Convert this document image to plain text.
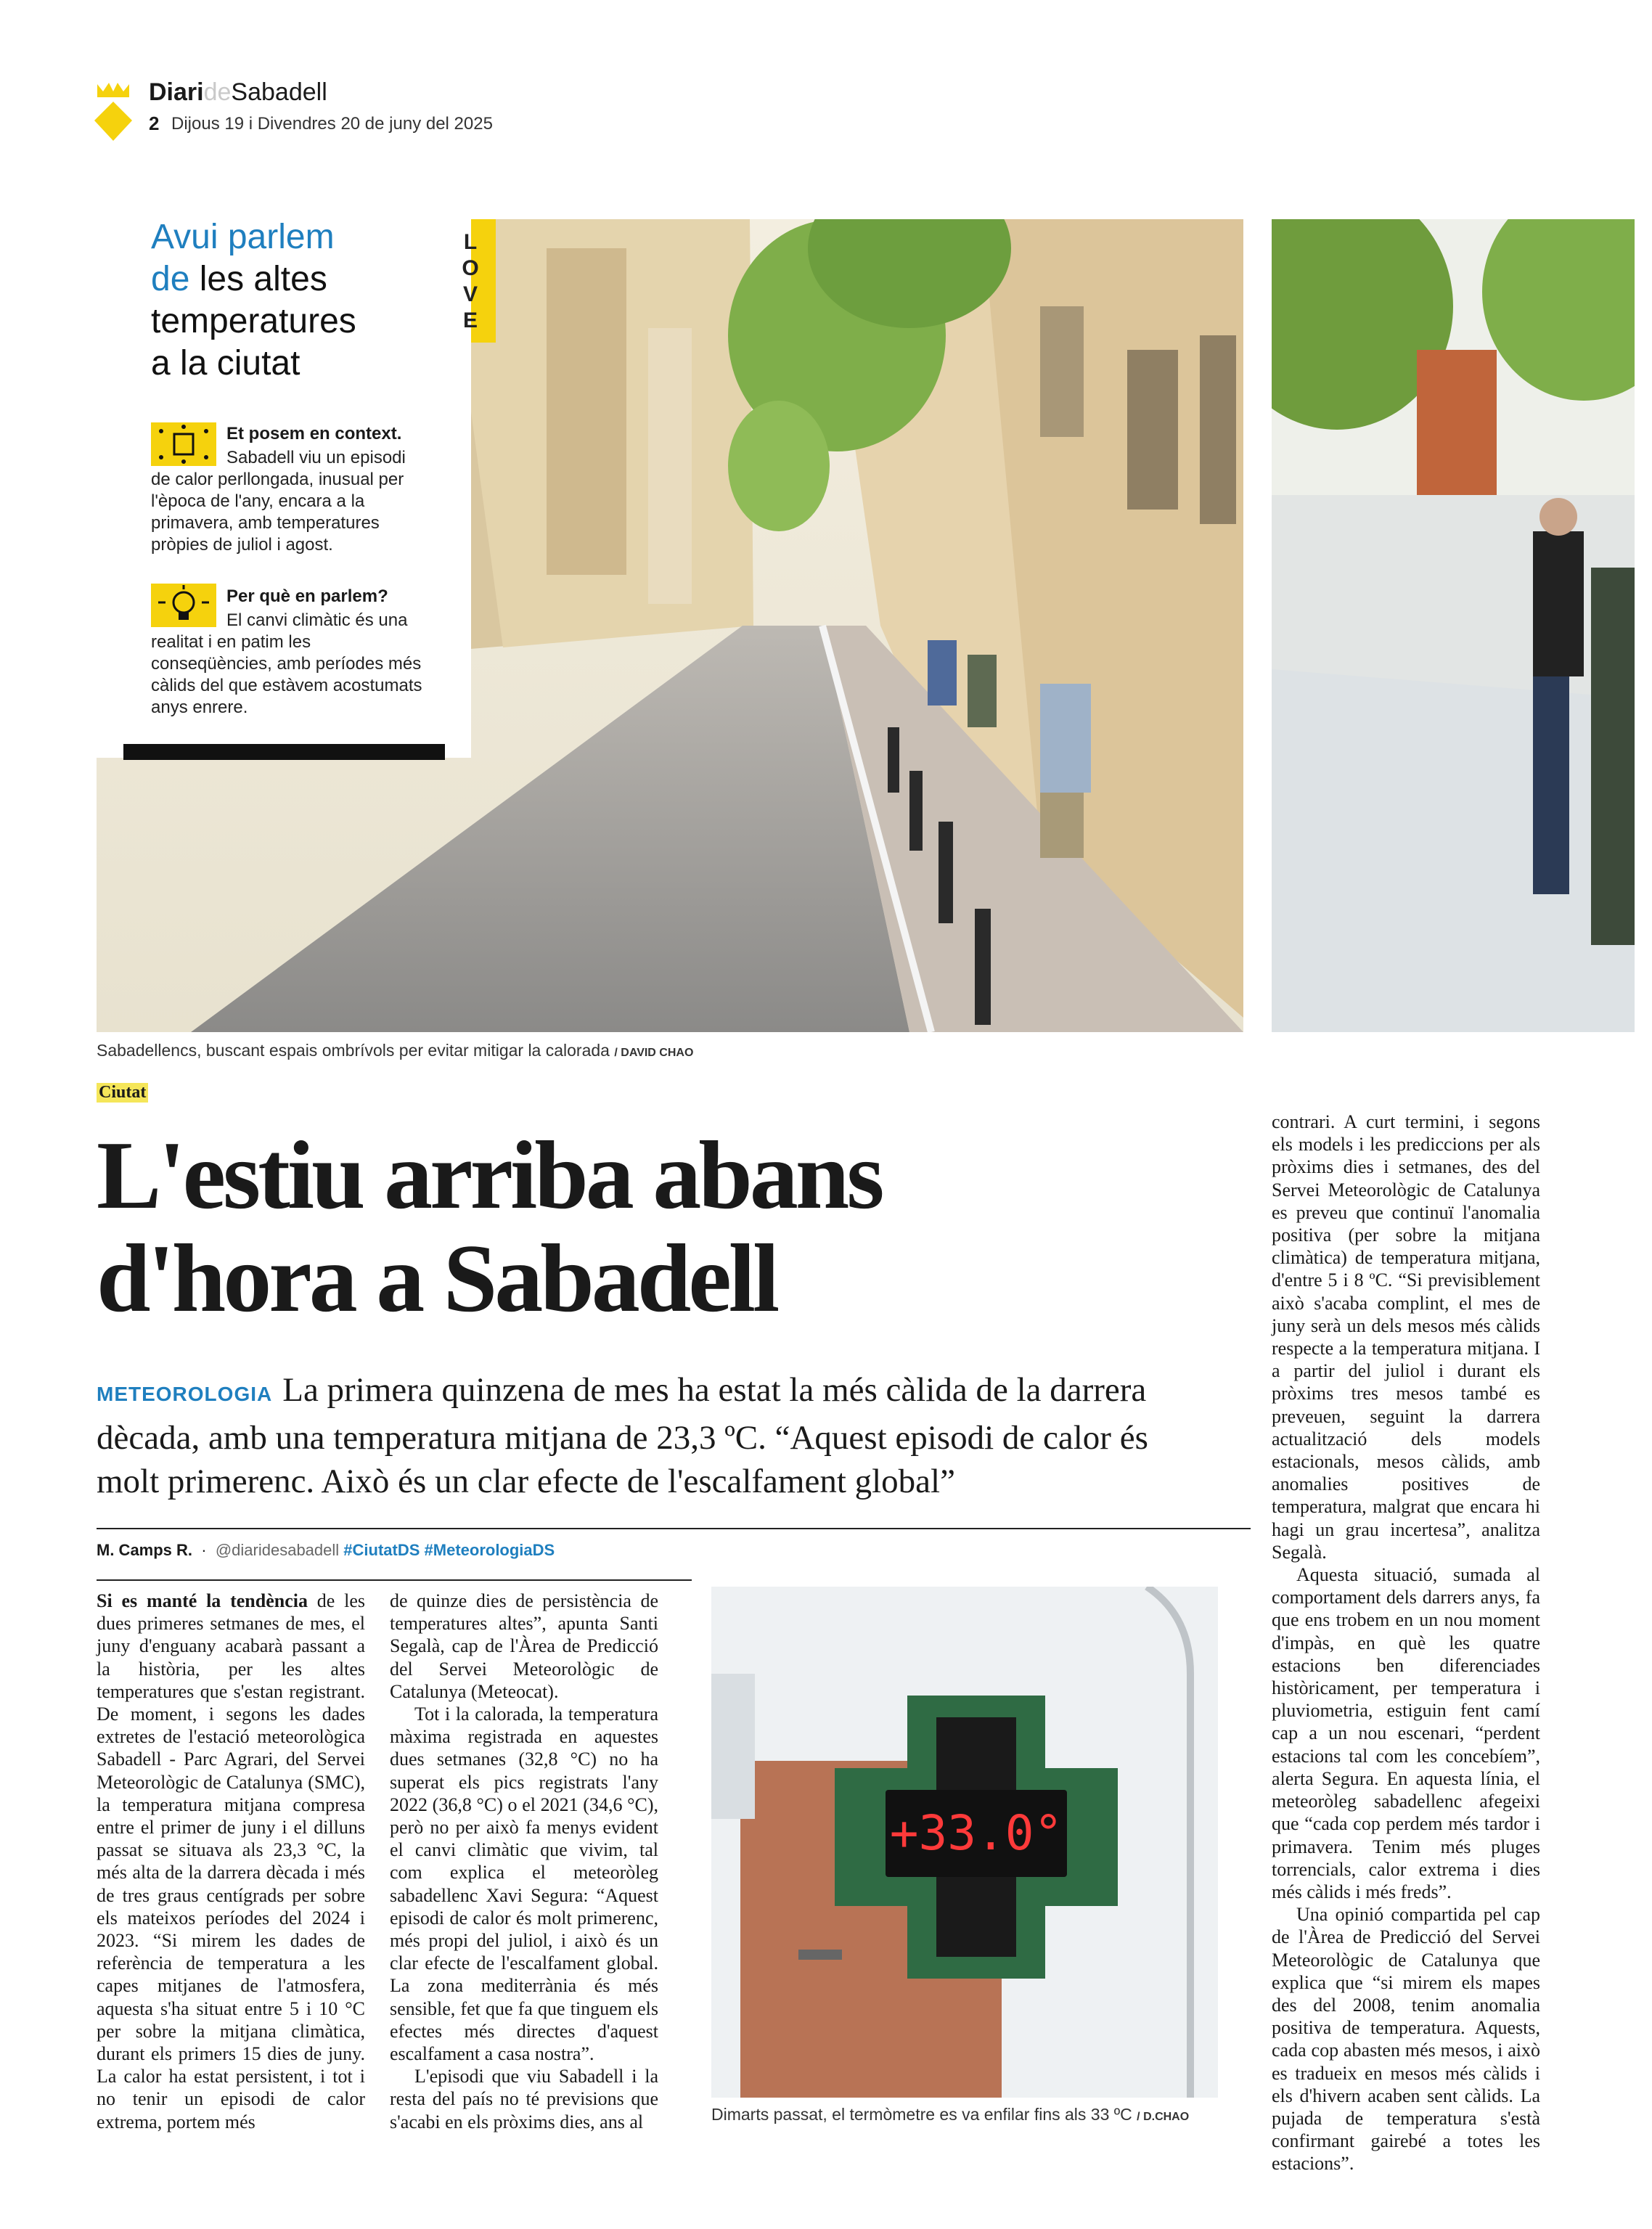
DiarideSabadell
2 Dijous 19 i Divendres 20 de juny del 2025
Sabadellencs, buscant espais ombrívols per evitar mitigar la calorada / DAVID CHAO
Avui parlem
de les altes
temperatures
a la ciutat
Et posem en context.
Sabadell viu un episodi de calor perllongada, inusual per l'època de l'any, encara a la primavera, amb temperatures pròpies de juliol i agost.
Per què en parlem?
El canvi climàtic és una realitat i en patim les conseqüències, amb períodes més càlids del que estàvem acostumats anys enrere.
Ciutat
L'estiu arriba abans
d'hora a Sabadell
METEOROLOGIA La primera quinzena de mes ha estat la més càlida de la darrera dècada, amb una temperatura mitjana de 23,3 ºC. “Aquest episodi de calor és molt primerenc. Això és un clar efecte de l'escalfament global”
M. Camps R. · @diaridesabadell #CiutatDS #MeteorologiaDS

Si es manté la tendència de les dues primeres setmanes de mes, el juny d'enguany acabarà passant a la història, per les altes temperatures que s'estan registrant. De moment, i segons les dades extretes de l'estació meteorològica Sabadell - Parc Agrari, del Servei Meteorològic de Catalunya (SMC), la temperatura mitjana compresa entre el primer de juny i el dilluns passat se situava als 23,3 °C, la més alta de la darrera dècada i més de tres graus centígrads per sobre els mateixos períodes del 2024 i 2023. “Si mirem les dades de referència de temperatura a les capes mitjanes de l'atmosfera, aquesta s'ha situat entre 5 i 10 °C per sobre la mitjana climàtica, durant els primers 15 dies de juny. La calor ha estat persistent, i tot i no tenir un episodi de calor extrema, portem més

de quinze dies de persistència de temperatures altes”, apunta Santi Segalà, cap de l'Àrea de Predicció del Servei Meteorològic de Catalunya (Meteocat).

Tot i la calorada, la temperatura màxima registrada en aquestes dues setmanes (32,8 °C) no ha superat els pics registrats l'any 2022 (36,8 °C) o el 2021 (34,6 °C), però no per això fa menys evident el canvi climàtic que vivim, tal com explica el meteoròleg sabadellenc Xavi Segura: “Aquest episodi de calor és molt primerenc, més propi del juliol, i això és un clar efecte de l'escalfament global. La zona mediterrània és més sensible, fet que fa que tinguem els efectes més directes d'aquest escalfament a casa nostra”.

L'episodi que viu Sabadell i la resta del país no té previsions que s'acabi en els pròxims dies, ans al

contrari. A curt termini, i segons els models i les prediccions per als pròxims dies i setmanes, des del Servei Meteorològic de Catalunya es preveu que continuï l'anomalia positiva (per sobre la mitjana climàtica) de temperatura mitjana, d'entre 5 i 8 ºC. “Si previsiblement això s'acaba complint, el mes de juny serà un dels mesos més càlids respecte a la temperatura mitjana. I a partir del juliol i durant els pròxims tres mesos també es preveuen, seguint la darrera actualització dels models estacionals, mesos càlids, amb anomalies positives de temperatura, malgrat que encara hi hagi un grau incertesa”, analitza Segalà.

Aquesta situació, sumada al comportament dels darrers anys, fa que ens trobem en un nou moment d'impàs, en què les quatre estacions ben diferenciades històricament, per temperatura i pluviometria, estiguin fent camí cap a un nou escenari, “perdent estacions tal com les concebíem”, alerta Segura. En aquesta línia, el meteoròleg sabadellenc afegeixi que “cada cop perdem més tardor i primavera. Tenim més pluges torrencials, calor extrema i dies més càlids i més freds”.

Una opinió compartida pel cap de l'Àrea de Predicció del Servei Meteorològic de Catalunya que explica que “si mirem els mapes des del 2008, tenim anomalia positiva de temperatura. Aquests, cada cop abasten més mesos, i això es tradueix en mesos més càlids i els d'hivern acaben sent càlids. La pujada de temperatura s'està confirmant gairebé a totes les estacions”.

+33.0°
Dimarts passat, el termòmetre es va enfilar fins als 33 ºC / D.CHAO
LOVE
